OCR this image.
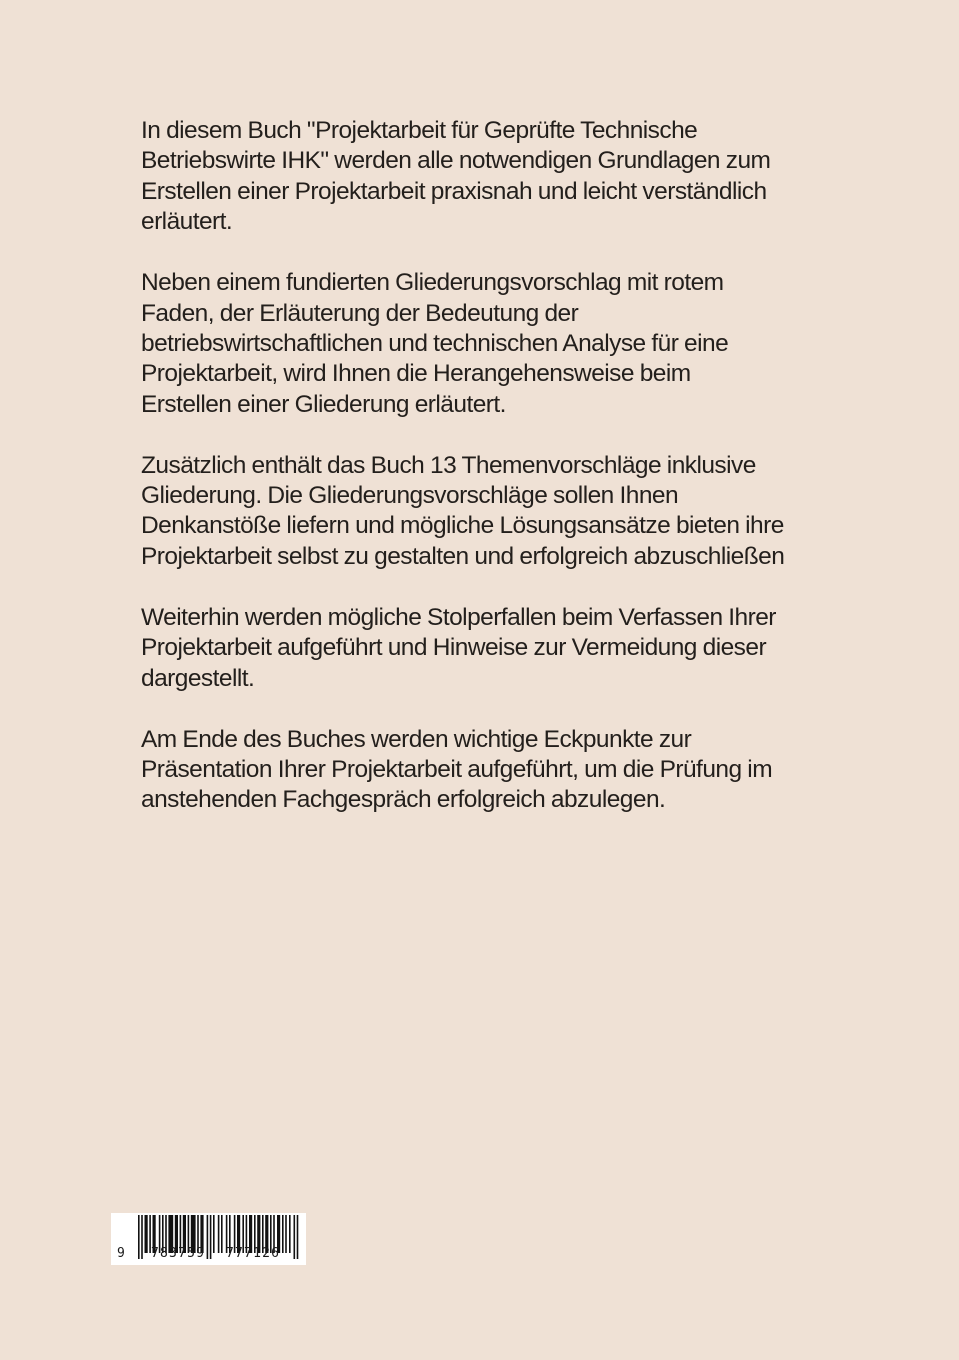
In diesem Buch "Projektarbeit für Geprüfte Technische
Betriebswirte IHK" werden alle notwendigen Grundlagen zum
Erstellen einer Projektarbeit praxisnah und leicht verständlich
erläutert.

Neben einem fundierten Gliederungsvorschlag mit rotem
Faden, der Erläuterung der Bedeutung der
betriebswirtschaftlichen und technischen Analyse für eine
Projektarbeit, wird Ihnen die Herangehensweise beim
Erstellen einer Gliederung erläutert.

Zusätzlich enthält das Buch 13 Themenvorschläge inklusive
Gliederung. Die Gliederungsvorschläge sollen Ihnen
Denkanstöße liefern und mögliche Lösungsansätze bieten ihre
Projektarbeit selbst zu gestalten und erfolgreich abzuschließen

Weiterhin werden mögliche Stolperfallen beim Verfassen Ihrer
Projektarbeit aufgeführt und Hinweise zur Vermeidung dieser
dargestellt.

Am Ende des Buches werden wichtige Eckpunkte zur
Präsentation Ihrer Projektarbeit aufgeführt, um die Prüfung im
anstehenden Fachgespräch erfolgreich abzulegen.

9 783759 777126
